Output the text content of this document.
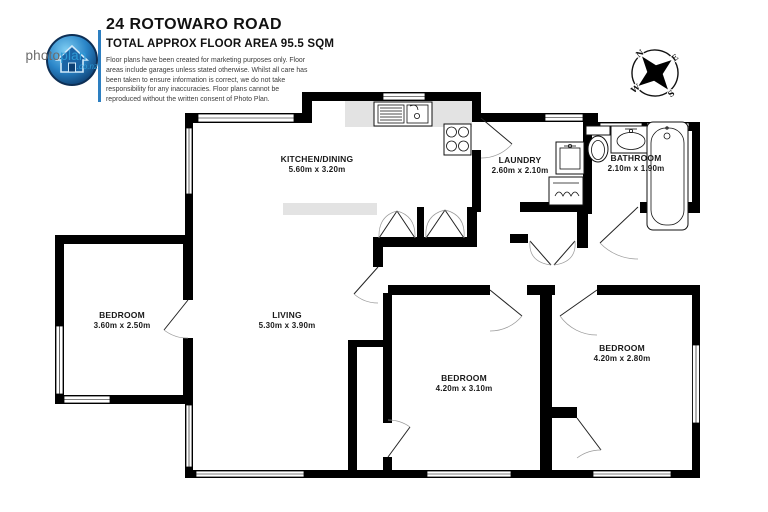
photoplan
.co.nz
24 ROTOWARO ROAD
TOTAL APPROX FLOOR AREA 95.5 SQM
Floor plans have been created for marketing purposes only. Floor
areas include garages unless stated otherwise. Whilst all care has
been taken to ensure information is correct, we do not take
responsibility for any inaccuracies. Floor plans cannot be
reproduced without the written consent of Photo Plan.
N	E
S
W
KITCHEN/DINING
5.60m x 3.20m
LAUNDRY
2.60m x 2.10m
BATHROOM
2.10m x 1.90m
BEDROOM
3.60m x 2.50m
LIVING
5.30m x 3.90m
BEDROOM
4.20m x 3.10m
BEDROOM
4.20m x 2.80m
